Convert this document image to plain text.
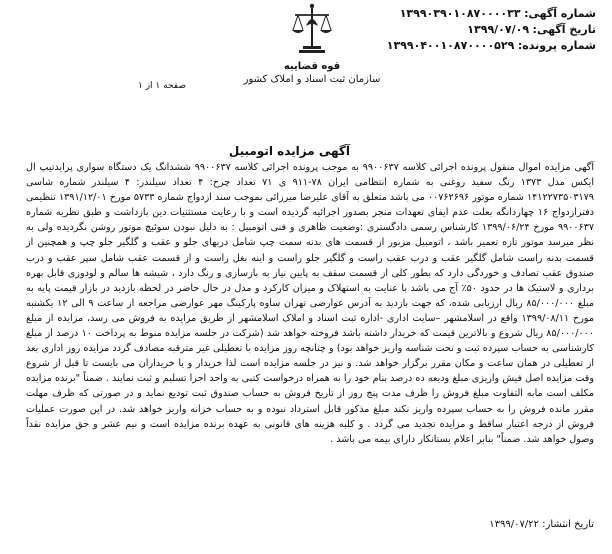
شماره آگهی: ۱۳۹۹۰۳۹۰۱۰۸۷۰۰۰۰۳۳
تاریخ آگهی: ۱۳۹۹/۰۷/۰۹
شماره پرونده: ۱۳۹۹۰۴۰۰۱۰۸۷۰۰۰۰۵۲۹
قوه قضاییه
سازمان ثبت اسناد و املاک کشور
صفحه ۱ از ۱
آگهی مزایده اتومبیل
آگهی مزایده اموال منقول پرونده اجرائی کلاسه ۹۹۰۰۶۳۷ به موجب پرونده اجرائی کلاسه ۹۹۰۰۶۳۷ ششدانگ یک دستگاه سواری پرایدتیپ ال ایکس مدل ۱۳۷۳ رنگ سفید روغنی به شماره انتظامی ایران ۷۸-۹۱۱ ی ۷۱ تعداد چرخ: ۴ تعداد سیلندر: ۴ سیلندر شماره شاسی ۱۴۱۲۲۷۳۵۰۳۱۷۹ شماره موتور ۰۰۷۶۲۶۹۶ می باشد متعلق به آقای علیرضا میرزائی بموجب سند ازدواج شماره ۵۷۳۳ مورخ ۱۳۹۱/۱۲/۰۱ تنظیمی دفترازدواج ۱۶ چهاردانگه بعلت عدم ایفای تعهدات منجر بصدور اجرائیه گردیده است و با رعایت مستثنیات دین بازداشت و طبق نظریه شماره ۹۹۰۰۶۳۷ مورخ ۱۳۹۹/۰۶/۲۴ کارشناس رسمی دادگستری :وضعیت ظاهری و فنی اتومبیل : به دلیل نبودن سوئیچ موتور روشن نگردیده ولی به نظر میرسد موتور تازه تعمیر باشد ، اتومبیل مزبور از قسمت های بدنه سمت چپ شامل دربهای جلو و عقب و گلگیر جلو چپ و همچنین از قسمت بدنه راست شامل گلگیر عقب و درب عقب راست و گلگیر جلو راست و اینه بغل راست و از قسمت عقب شامل سپر عقب و درب صندوق عقب تصادف و خوردگی دارد که بطور کلی از قسمت سقف به پایین نیاز به بازسازی و رنگ دارد ، شیشه ها سالم و لودوزی قابل بهره برداری و لاستیک ها در حدود ۵۰٪ آج می باشد با عنایت به استهلاک و میزان کارکرد و مدل در حال حاضر در لحظه بازدید در بازار قیمت پایه به مبلغ ۸۵/۰۰۰/۰۰۰ ریال ارزیابی شده، که جهت بازدید به آدرس عوارضی تهران ساوه پارکینگ مهر عوارضی مراجعه از ساعت ۹ الی ۱۲ یکشنبه مورخ ۱۳۹۹/۰۸/۱۱ واقع در اسلامشهر –سایت اداری -اداره ثبت اسناد و املاک اسلامشهر از طریق مزایده به فروش می رسد، مزایده از مبلغ ۸۵/۰۰۰/۰۰۰ ریال شروع و بالاترین قیمت که خریدار داشته باشد فروخته خواهد شد (شرکت در جلسه مزایده منوط به پرداخت ۱۰ درصد از مبلغ کارشناسی به حساب سپرده ثبت و تحت شناسه واریز خواهد بود) و چنانچه روز مزایده با تعطیلی غیر مترقبه مصادف گردد مزایده روز اداری بعد از تعطیلی در همان ساعت و مکان مقرر برگزار خواهد شد. و نیز در جلسه مزایده است لذا خریدار و یا خریداران می بایست تا قبل از شروع وقت مزایده اصل فیش واریزی مبلغ ودیعه ده درصد بنام خود را به همراه درخواست کتبی به واحد اجرا تسلیم و ثبت نمایند . ضمناً "برنده مزایده مکلف است مابه التفاوت مبلغ فروش را ظرف مدت پنج روز از تاریخ فروش به حساب صندوق ثبت تودیع نماید و در صورتی که ظرف مهلت مقرر مانده فروش را به حساب سپرده واریز نکند مبلغ مذکور قابل استرداد نبوده و به حساب خزانه واریز خواهد شد. در این صورت عملیات فروش از درجه اعتبار ساقط و مزایده تجدید می گردد . و کلیه هزینه های قانونی به عهده برنده مزایده است و نیم عشر و حق مزایده نقداً وصول خواهد شد. ضمناً" بنابر اعلام بستانکار دارای بیمه می باشد .
تاریخ انتشار: ۱۳۹۹/۰۷/۲۲
